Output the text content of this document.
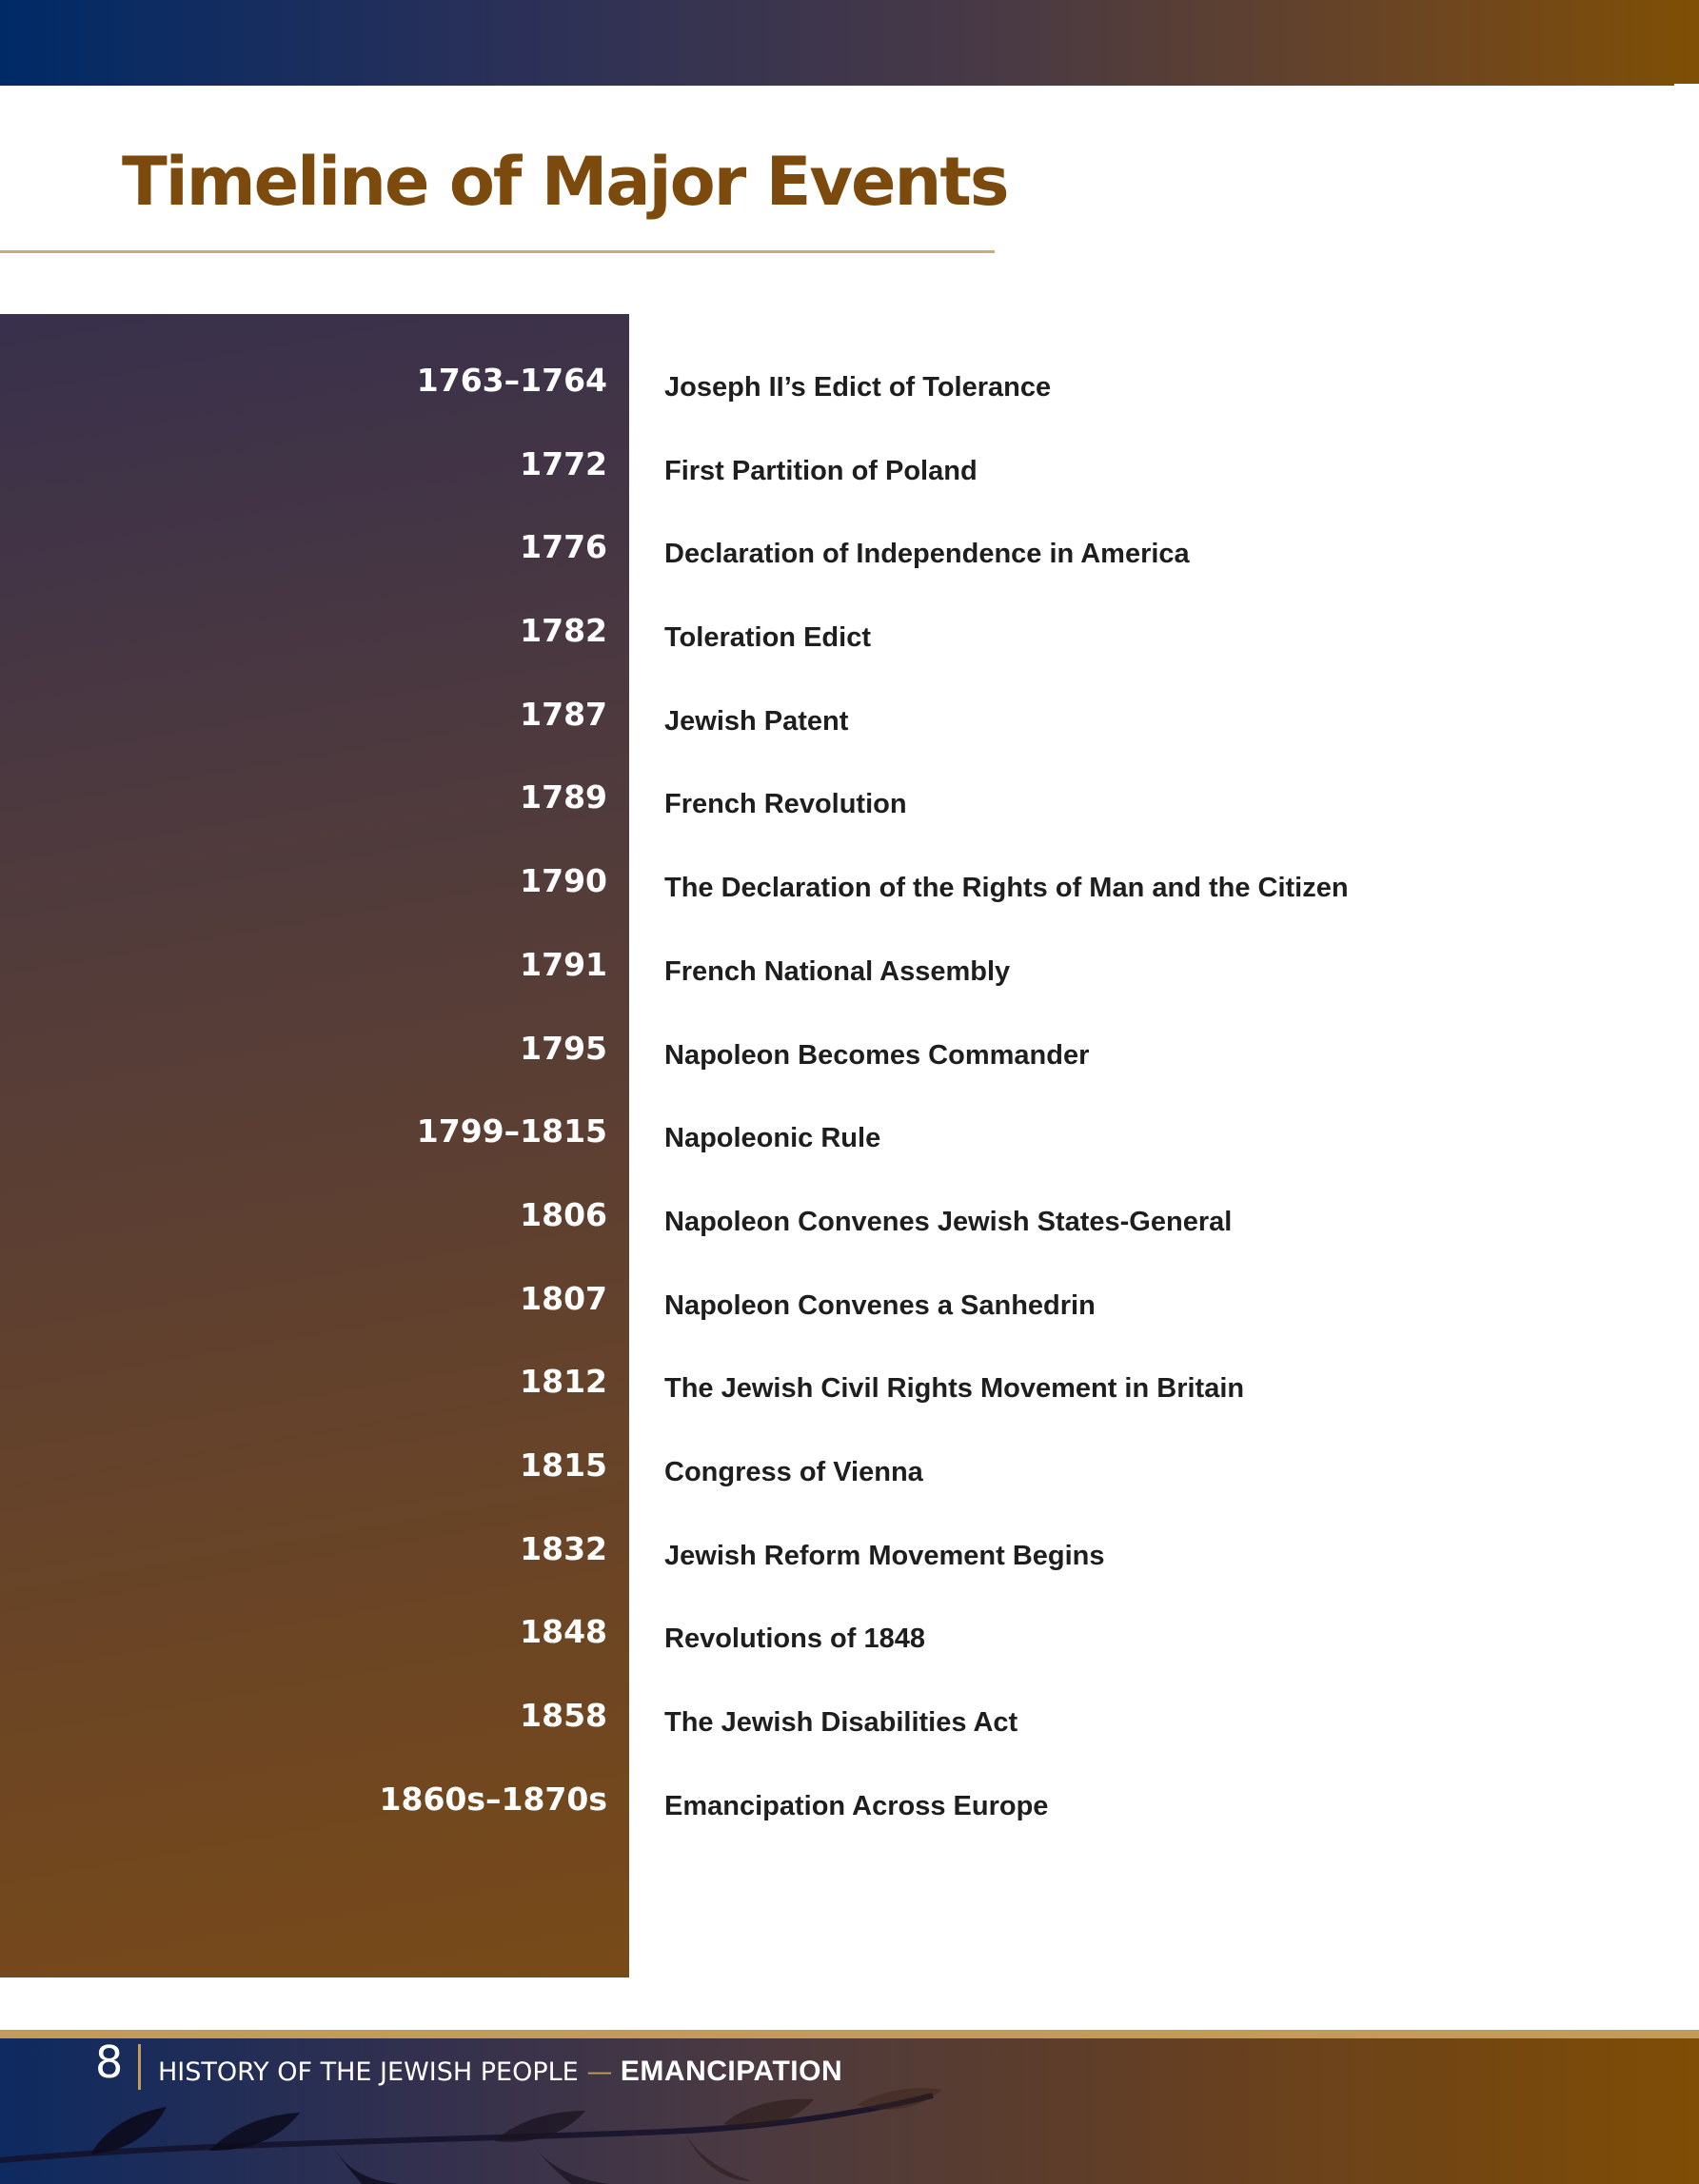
Timeline of Major Events
1763–1764 Joseph II’s Edict of Tolerance
1772 First Partition of Poland
1776 Declaration of Independence in America
1782 Toleration Edict
1787 Jewish Patent
1789 French Revolution
1790 The Declaration of the Rights of Man and the Citizen
1791 French National Assembly
1795 Napoleon Becomes Commander
1799–1815 Napoleonic Rule
1806 Napoleon Convenes Jewish States-General
1807 Napoleon Convenes a Sanhedrin
1812 The Jewish Civil Rights Movement in Britain
1815 Congress of Vienna
1832 Jewish Reform Movement Begins
1848 Revolutions of 1848
1858 The Jewish Disabilities Act
1860s–1870s Emancipation Across Europe
8 HISTORY OF THE JEWISH PEOPLE — EMANCIPATION
